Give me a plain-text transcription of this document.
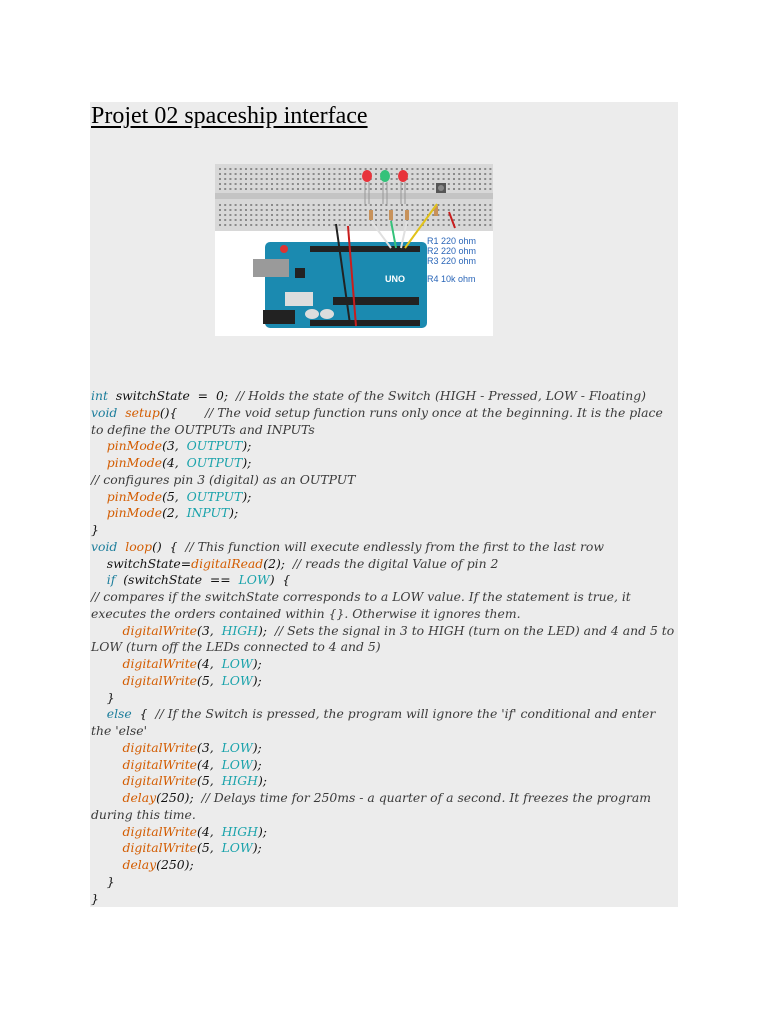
Projet 02 spaceship interface
UNO
R1 220 ohm
R2 220 ohm
R3 220 ohm
R4 10k ohm
int  switchState  =  0;  // Holds the state of the Switch (HIGH - Pressed, LOW - Floating)
void setup(){       // The void setup function runs only once at the beginning. It is the place to define the OUTPUTs and INPUTs
pinMode(3,  OUTPUT);
pinMode(4,  OUTPUT);
// configures pin 3 (digital) as an OUTPUT
pinMode(5,  OUTPUT);
pinMode(2,  INPUT);
}
void loop()  {  // This function will execute endlessly from the first to the last row
switchState=digitalRead(2);  // reads the digital Value of pin 2
if  (switchState  ==  LOW)  {
// compares if the switchState corresponds to a LOW value. If the statement is true, it executes the orders contained within {}. Otherwise it ignores them.
digitalWrite(3,  HIGH);  // Sets the signal in 3 to HIGH (turn on the LED) and 4 and 5 to LOW (turn off the LEDs connected to 4 and 5)
digitalWrite(4,  LOW);
digitalWrite(5,  LOW);
}
else  {  // If the Switch is pressed, the program will ignore the 'if' conditional and enter the 'else'
digitalWrite(3,  LOW);
digitalWrite(4,  LOW);
digitalWrite(5,  HIGH);
delay(250);  // Delays time for 250ms - a quarter of a second. It freezes the program during this time.
digitalWrite(4,  HIGH);
digitalWrite(5,  LOW);
delay(250);
}
}
